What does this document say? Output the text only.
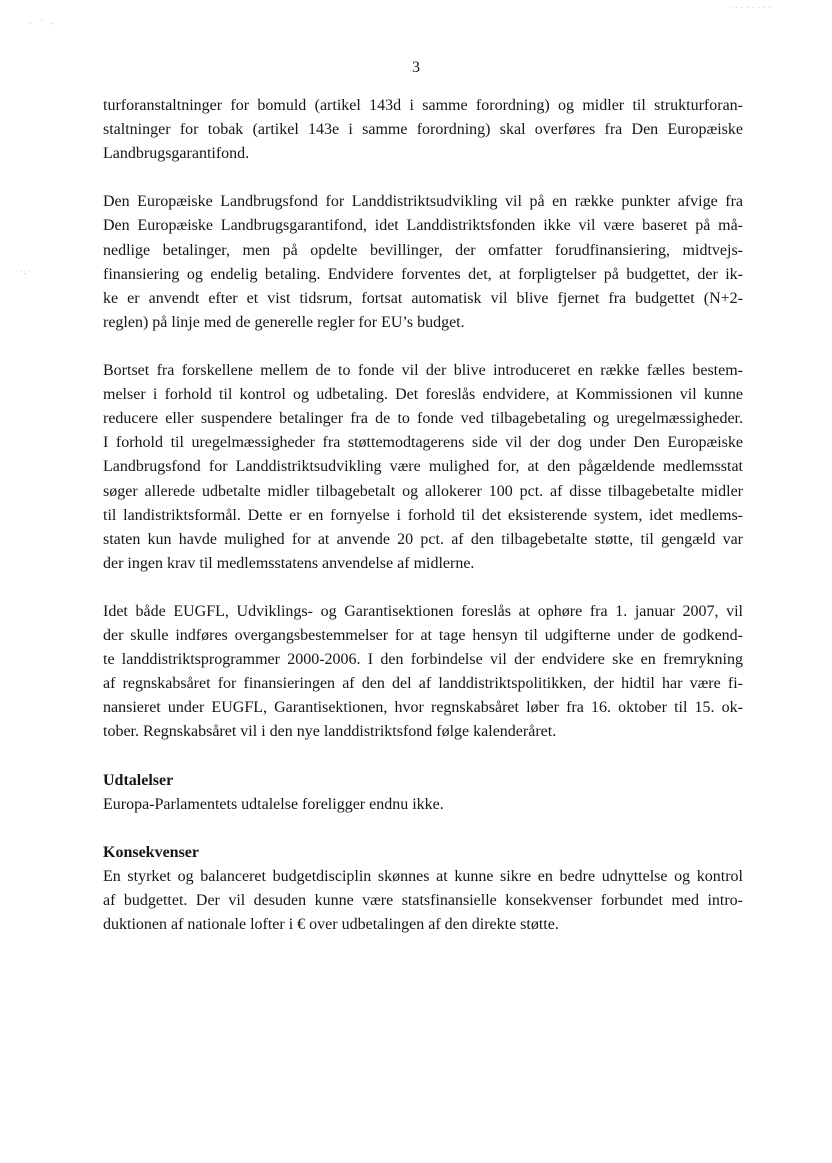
.  '  ,
·,·
. . . . . . . .
3
turforanstaltninger for bomuld (artikel 143d i samme forordning) og midler til strukturforan-
staltninger for tobak (artikel 143e i samme forordning) skal overføres fra Den Europæiske
Landbrugsgarantifond.
Den Europæiske Landbrugsfond for Landdistriktsudvikling vil på en række punkter afvige fra
Den Europæiske Landbrugsgarantifond, idet Landdistriktsfonden ikke vil være baseret på må-
nedlige betalinger, men på opdelte bevillinger, der omfatter forudfinansiering, midtvejs-
finansiering og endelig betaling. Endvidere forventes det, at forpligtelser på budgettet, der ik-
ke er anvendt efter et vist tidsrum, fortsat automatisk vil blive fjernet fra budgettet (N+2-
reglen) på linje med de generelle regler for EU’s budget.
Bortset fra forskellene mellem de to fonde vil der blive introduceret en række fælles bestem-
melser i forhold til kontrol og udbetaling. Det foreslås endvidere, at Kommissionen vil kunne
reducere eller suspendere betalinger fra de to fonde ved tilbagebetaling og uregelmæssigheder.
I forhold til uregelmæssigheder fra støttemodtagerens side vil der dog under Den Europæiske
Landbrugsfond for Landdistriktsudvikling være mulighed for, at den pågældende medlemsstat
søger allerede udbetalte midler tilbagebetalt og allokerer 100 pct. af disse tilbagebetalte midler
til landistriktsformål. Dette er en fornyelse i forhold til det eksisterende system, idet medlems-
staten kun havde mulighed for at anvende 20 pct. af den tilbagebetalte støtte, til gengæld var
der ingen krav til medlemsstatens anvendelse af midlerne.
Idet både EUGFL, Udviklings- og Garantisektionen foreslås at ophøre fra 1. januar 2007, vil
der skulle indføres overgangsbestemmelser for at tage hensyn til udgifterne under de godkend-
te landdistriktsprogrammer 2000-2006. I den forbindelse vil der endvidere ske en fremrykning
af regnskabsåret for finansieringen af den del af landdistriktspolitikken, der hidtil har være fi-
nansieret under EUGFL, Garantisektionen, hvor regnskabsåret løber fra 16. oktober til 15. ok-
tober. Regnskabsåret vil i den nye landdistriktsfond følge kalenderåret.
Udtalelser
Europa-Parlamentets udtalelse foreligger endnu ikke.
Konsekvenser
En styrket og balanceret budgetdisciplin skønnes at kunne sikre en bedre udnyttelse og kontrol
af budgettet. Der vil desuden kunne være statsfinansielle konsekvenser forbundet med intro-
duktionen af nationale lofter i € over udbetalingen af den direkte støtte.
